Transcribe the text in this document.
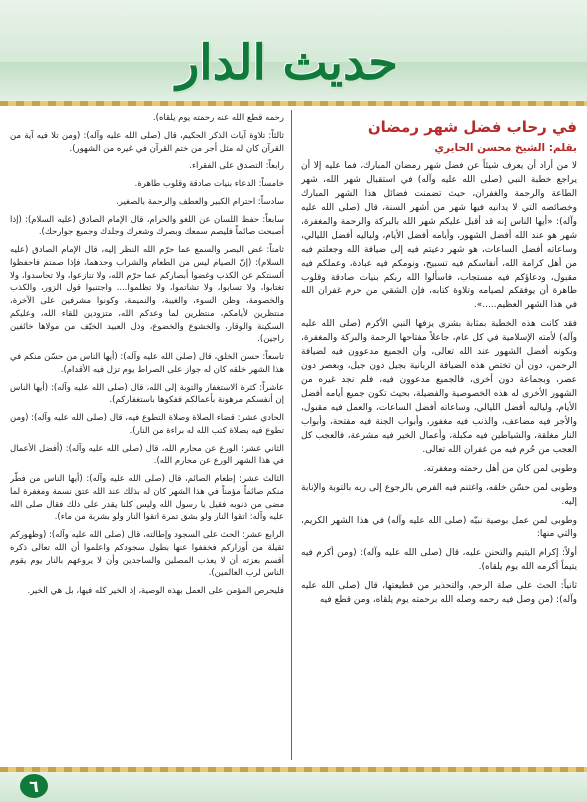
حديث الدار
في رحاب فضل شهر رمضان
بقلم: الشيخ محسن الحايري

لا من أراد أن يعرف شيئاً عن فضل شهر رمضان المبارك، فما عليه إلا أن يراجع خطبة النبي (صلى الله عليه وآله) في استقبال شهر الله، شهر الطاعة والرحمة والغفران، حيث تضمنت فضائل هذا الشهر المبارك وخصائصه التي لا يدانيه فيها شهر من أشهر السنة، قال (صلى الله عليه وآله): «أيها الناس إنه قد أقبل عليكم شهر الله بالبركة والرحمة والمغفرة، شهر هو عند الله أفضل الشهور، وأيامه أفضل الأيام، ولياليه أفضل الليالي، وساعاته أفضل الساعات، هو شهر دعيتم فيه إلى ضيافة الله وجعلتم فيه من أهل كرامة الله، أنفاسكم فيه تسبيح، ونومكم فيه عبادة، وعملكم فيه مقبول، ودعاؤكم فيه مستجاب، فاسألوا الله ربكم بنيات صادقة وقلوب طاهرة أن يوفقكم لصيامه وتلاوة كتابه، فإن الشقي من حرم غفران الله في هذا الشهر العظيم.....».

فقد كانت هذه الخطبة بمثابة بشرى يزفها النبي الأكرم (صلى الله عليه وآله) لأمته الإسلامية في كل عام، جاعلاً مفتاحها الرحمة والبركة والمغفرة، وبكونه أفضل الشهور عند الله تعالى، وأن الجميع مدعوون فيه لضيافة الرحمن، دون أن تختص هذه الضيافة الربانية بجيل دون جيل، وبعصر دون عصر، وبجماعة دون أخرى، فالجميع مدعوون فيه، فلم نجد غيره من الشهور الأخرى له هذه الخصوصية والفضيلة، بحيث تكون جميع أيامه أفضل الأيام، ولياليه أفضل الليالي، وساعاته أفضل الساعات، والعمل فيه مقبول، والأجر فيه مضاعف، والذنب فيه مغفور، وأبواب الجنة فيه مفتحة، وأبواب النار مغلقة، والشياطين فيه مكبلة، وأعمال الخير فيه مشرعة، فالعجب كل العجب من حُرم فيه من غفران الله تعالى.

وطوبى لمن كان من أهل رحمته ومغفرته.

وطوبى لمن حسّن خلقه، واغتنم فيه الفرص بالرجوع إلى ربه بالتوبة والإنابة إليه.

وطوبى لمن عمل بوصية نبيّه (صلى الله عليه وآله) في هذا الشهر الكريم، والتي منها:

أولاً: إكرام اليتيم والتحنن عليه، قال (صلى الله عليه وآله): (ومن أكرم فيه يتيماً أكرمه الله يوم يلقاه).

ثانياً: الحث على صلة الرحم، والتحذير من قطيعتها، قال (صلى الله عليه وآله): (من وصل فيه رحمه وصله الله برحمته يوم يلقاه، ومن قطع فيه

رحمه قطع الله عنه رحمته يوم يلقاه).

ثالثاً: تلاوة آيات الذكر الحكيم، قال (صلى الله عليه وآله): (ومن تلا فيه آية من القرآن كان له مثل أجر من ختم القرآن في غيره من الشهور).

رابعاً: التصدق على الفقراء.

خامساً: الدعاء بنيات صادقة وقلوب طاهرة.

سادساً: احترام الكبير والعطف والرحمة بالصغير.

سابعاً: حفظ اللسان عن اللغو والحرام، قال الإمام الصادق (عليه السلام): (إذا أصبحت صائماً فليصم سمعك وبصرك وشعرك وجلدك وجميع جوارحك).

ثامناً: غض البصر والسمع عما حرّم الله النظر إليه، قال الإمام الصادق (عليه السلام): (إنّ الصيام ليس من الطعام والشراب وحدهما، فإذا صمتم فاحفظوا ألسنتكم عن الكذب وغضوا أبصاركم عما حرّم الله، ولا تنازعوا، ولا تحاسدوا، ولا تغتابوا، ولا تسابوا، ولا تشاتموا، ولا تظلموا.... واجتنبوا قول الزور، والكذب والخصومة، وظن السوء، والغيبة، والنميمة، وكونوا مشرفين على الآخرة، منتظرين لأيامكم، منتظرين لما وعدكم الله، متزودين للقاء الله، وعليكم السكينة والوقار، والخشوع والخضوع، وذل العبيد الخيّف من مولاها خائفين راجين).

تاسعاً: حسن الخلق، قال (صلى الله عليه وآله): (أيها الناس من حسّن منكم في هذا الشهر خلقه كان له جواز على الصراط يوم تزل فيه الأقدام).

عاشراً: كثرة الاستغفار والتوبة إلى الله، قال (صلى الله عليه وآله): (أيها الناس إن أنفسكم مرهونة بأعمالكم ففكوها باستغفاركم).

الحادي عشر: قضاء الصلاة وصلاة التطوع فيه، قال (صلى الله عليه وآله): (ومن تطوع فيه بصلاة كتب الله له براءة من النار).

الثاني عشر: الورع عن محارم الله، قال (صلى الله عليه وآله): (أفضل الأعمال في هذا الشهر الورع عن محارم الله).

الثالث عشر: إطعام الصائم، قال (صلى الله عليه وآله): (أيها الناس من فطّر منكم صائماً مؤمناً في هذا الشهر كان له بذلك عند الله عتق نسمة ومغفرة لما مضى من ذنوبه فقيل يا رسول الله وليس كلنا يقدر على ذلك فقال صلى الله عليه وآله: اتقوا النار ولو بشق تمرة اتقوا النار ولو بشربة من ماء).

الرابع عشر: الحث على السجود وإطالته، قال (صلى الله عليه وآله): (وظهوركم ثقيلة من أوزاركم فخففوا عنها بطول سجودكم واعلموا أن الله تعالى ذكره أقسم بعزته أن لا يعذب المصلين والساجدين وأن لا يروعهم بالنار يوم يقوم الناس لرب العالمين).

فليحرص المؤمن على العمل بهذه الوصية، إذ الخير كله فيها، بل هي الخير.

٦
